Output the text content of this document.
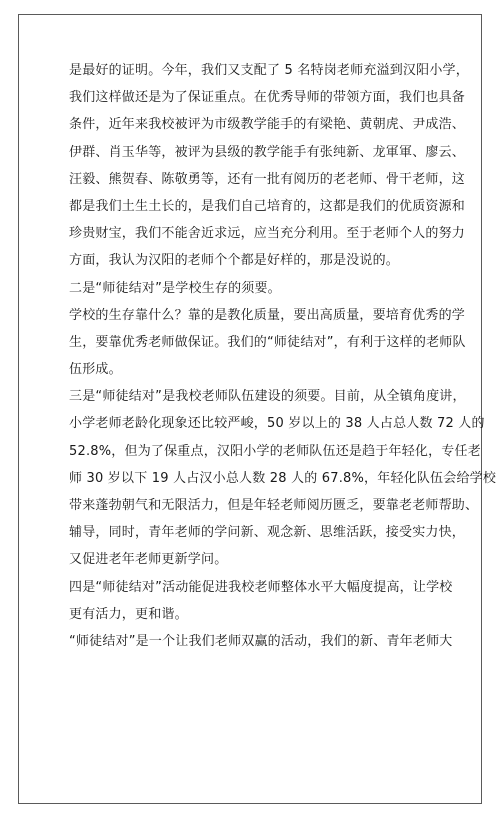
是最好的证明。今年，我们又支配了 5 名特岗老师充溢到汉阳小学，
我们这样做还是为了保证重点。在优秀导师的带领方面，我们也具备
条件，近年来我校被评为市级教学能手的有梁艳、黄朝虎、尹成浩、
伊群、肖玉华等，被评为县级的教学能手有张纯新、龙軍軍、廖云、
汪毅、熊贺春、陈敬勇等，还有一批有阅历的老老师、骨干老师，这
都是我们土生土长的，是我们自己培育的，这都是我们的优质资源和
珍贵财宝，我们不能舍近求远，应当充分利用。至于老师个人的努力
方面，我认为汉阳的老师个个都是好样的，那是没说的。
二是“师徒结对”是学校生存的须要。
学校的生存靠什么？靠的是教化质量，要出高质量，要培育优秀的学
生，要靠优秀老师做保证。我们的“师徒结对”，有利于这样的老师队
伍形成。
三是“师徒结对”是我校老师队伍建设的须要。目前，从全镇角度讲，
小学老师老龄化现象还比较严峻，50 岁以上的 38 人占总人数 72 人的
52.8%，但为了保重点，汉阳小学的老师队伍还是趋于年轻化，专任老
师 30 岁以下 19 人占汉小总人数 28 人的 67.8%，年轻化队伍会给学校
带来蓬勃朝气和无限活力，但是年轻老师阅历匮乏，要靠老老师帮助、
辅导，同时，青年老师的学问新、观念新、思维活跃，接受实力快，
又促进老年老师更新学问。
四是“师徒结对”活动能促进我校老师整体水平大幅度提高，让学校
更有活力，更和谐。
“师徒结对”是一个让我们老师双赢的活动，我们的新、青年老师大
